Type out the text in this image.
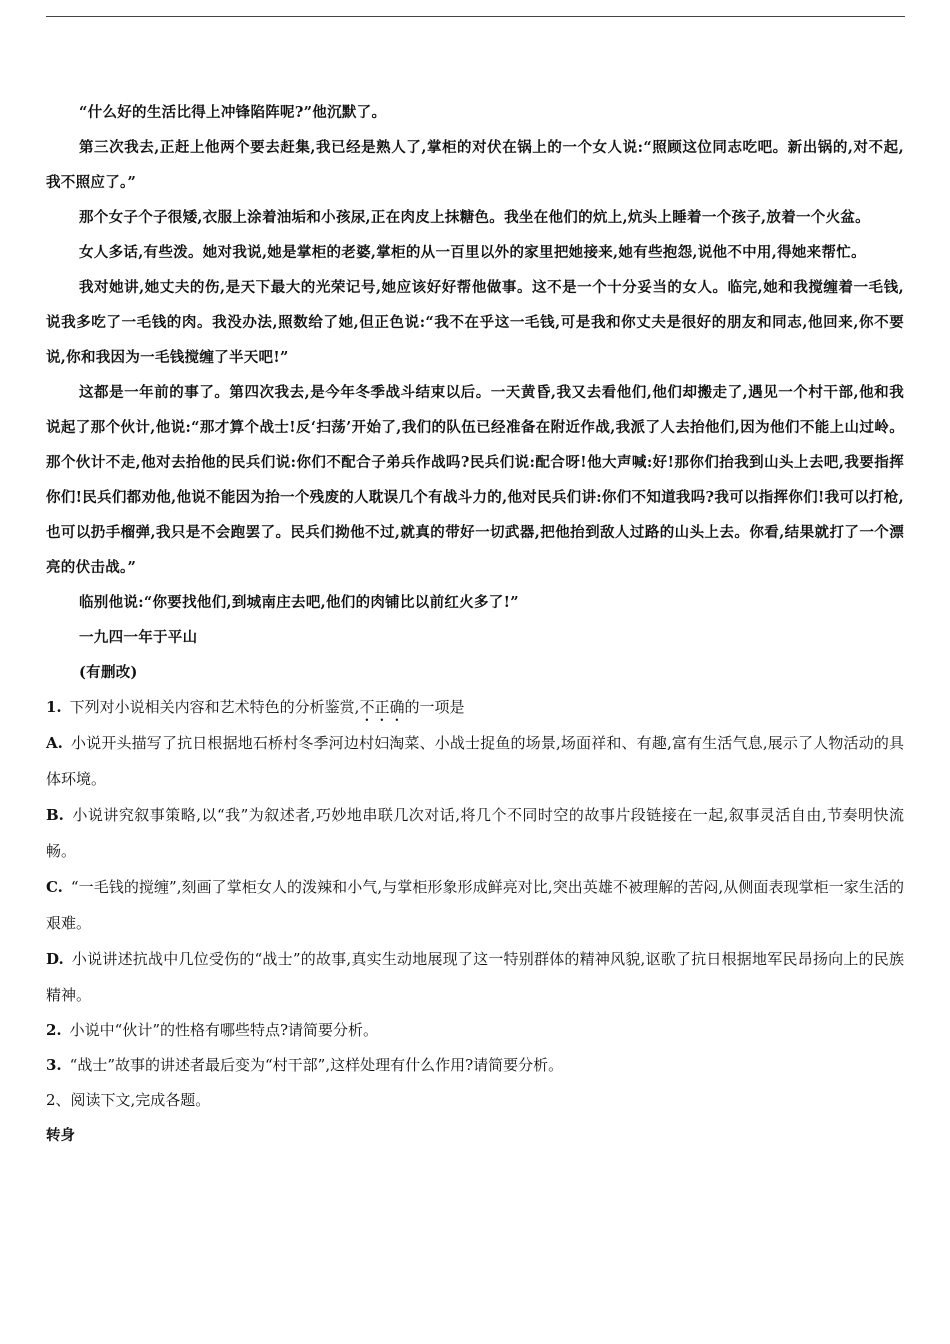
“什么好的生活比得上冲锋陷阵呢?”他沉默了。

第三次我去,正赶上他两个要去赶集,我已经是熟人了,掌柜的对伏在锅上的一个女人说:“照顾这位同志吃吧。新出锅的,对不起,我不照应了。”

那个女子个子很矮,衣服上涂着油垢和小孩尿,正在肉皮上抹糖色。我坐在他们的炕上,炕头上睡着一个孩子,放着一个火盆。

女人多话,有些泼。她对我说,她是掌柜的老婆,掌柜的从一百里以外的家里把她接来,她有些抱怨,说他不中用,得她来帮忙。

我对她讲,她丈夫的伤,是天下最大的光荣记号,她应该好好帮他做事。这不是一个十分妥当的女人。临完,她和我搅缠着一毛钱,说我多吃了一毛钱的肉。我没办法,照数给了她,但正色说:“我不在乎这一毛钱,可是我和你丈夫是很好的朋友和同志,他回来,你不要说,你和我因为一毛钱搅缠了半天吧!”

这都是一年前的事了。第四次我去,是今年冬季战斗结束以后。一天黄昏,我又去看他们,他们却搬走了,遇见一个村干部,他和我说起了那个伙计,他说:“那才算个战士!反‘扫荡’开始了,我们的队伍已经准备在附近作战,我派了人去抬他们,因为他们不能上山过岭。那个伙计不走,他对去抬他的民兵们说:你们不配合子弟兵作战吗?民兵们说:配合呀!他大声喊:好!那你们抬我到山头上去吧,我要指挥你们!民兵们都劝他,他说不能因为抬一个残废的人耽误几个有战斗力的,他对民兵们讲:你们不知道我吗?我可以指挥你们!我可以打枪,也可以扔手榴弹,我只是不会跑罢了。民兵们拗他不过,就真的带好一切武器,把他抬到敌人过路的山头上去。你看,结果就打了一个漂亮的伏击战。”

临别他说:“你要找他们,到城南庄去吧,他们的肉铺比以前红火多了!”

一九四一年于平山

(有删改)

1. 下列对小说相关内容和艺术特色的分析鉴赏,不正确的一项是

A. 小说开头描写了抗日根据地石桥村冬季河边村妇淘菜、小战士捉鱼的场景,场面祥和、有趣,富有生活气息,展示了人物活动的具体环境。

B. 小说讲究叙事策略,以“我”为叙述者,巧妙地串联几次对话,将几个不同时空的故事片段链接在一起,叙事灵活自由,节奏明快流畅。

C. “一毛钱的搅缠”,刻画了掌柜女人的泼辣和小气,与掌柜形象形成鲜亮对比,突出英雄不被理解的苦闷,从侧面表现掌柜一家生活的艰难。

D. 小说讲述抗战中几位受伤的“战士”的故事,真实生动地展现了这一特别群体的精神风貌,讴歌了抗日根据地军民昂扬向上的民族精神。

2. 小说中“伙计”的性格有哪些特点?请简要分析。

3. “战士”故事的讲述者最后变为“村干部”,这样处理有什么作用?请简要分析。

2、阅读下文,完成各题。

转身
